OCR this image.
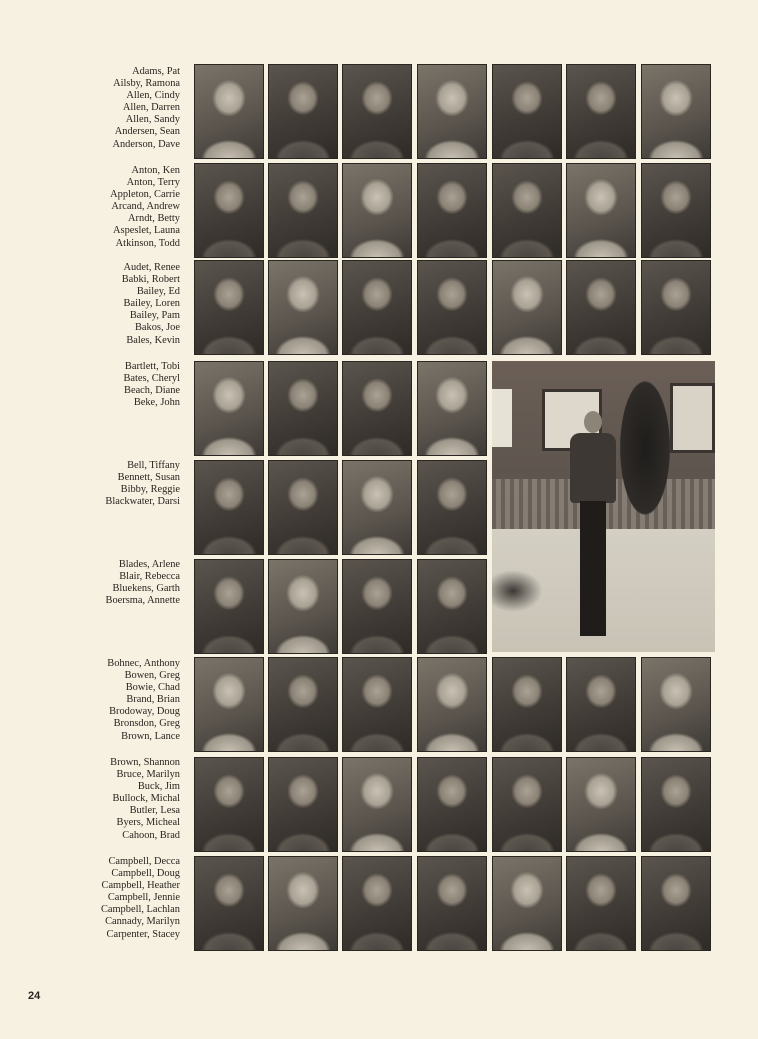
Adams, Pat
Ailsby, Ramona
Allen, Cindy
Allen, Darren
Allen, Sandy
Andersen, Sean
Anderson, Dave
Anton, Ken
Anton, Terry
Appleton, Carrie
Arcand, Andrew
Arndt, Betty
Aspeslet, Launa
Atkinson, Todd
Audet, Renee
Babki, Robert
Bailey, Ed
Bailey, Loren
Bailey, Pam
Bakos, Joe
Bales, Kevin
Bartlett, Tobi
Bates, Cheryl
Beach, Diane
Beke, John
Bell, Tiffany
Bennett, Susan
Bibby, Reggie
Blackwater, Darsi
Blades, Arlene
Blair, Rebecca
Bluekens, Garth
Boersma, Annette
Bohnec, Anthony
Bowen, Greg
Bowie, Chad
Brand, Brian
Brodoway, Doug
Bronsdon, Greg
Brown, Lance
Brown, Shannon
Bruce, Marilyn
Buck, Jim
Bullock, Michal
Butler, Lesa
Byers, Micheal
Cahoon, Brad
Campbell, Decca
Campbell, Doug
Campbell, Heather
Campbell, Jennie
Campbell, Lachlan
Cannady, Marilyn
Carpenter, Stacey
24
